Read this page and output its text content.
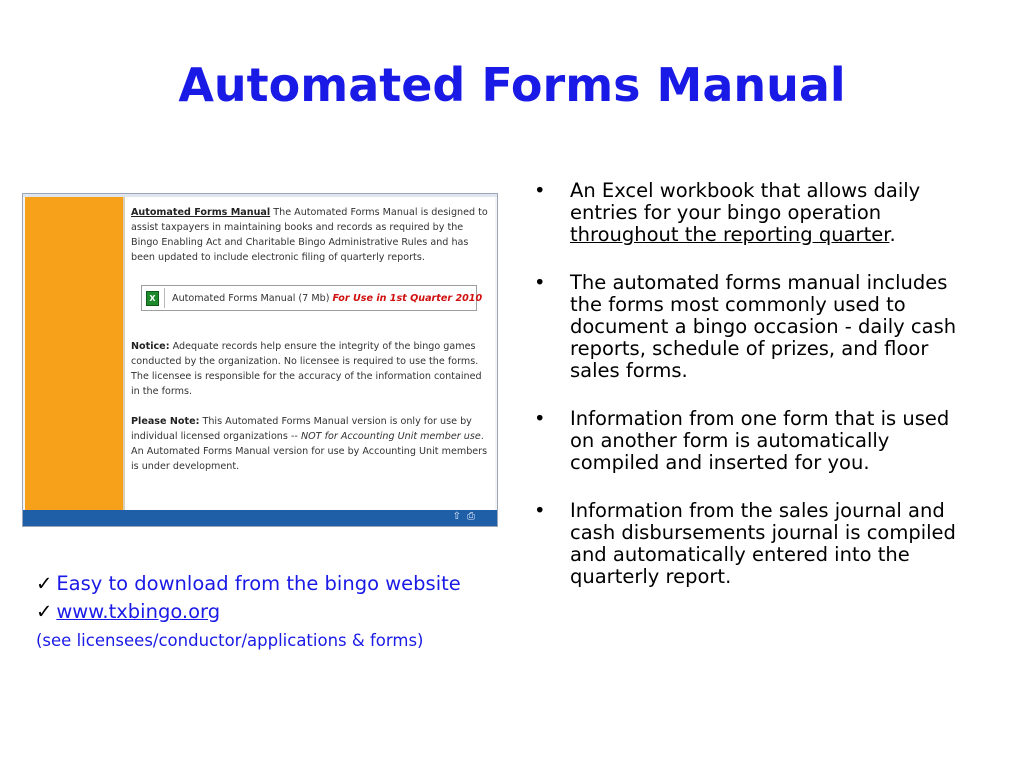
Automated Forms Manual

Automated Forms Manual The Automated Forms Manual is designed to assist taxpayers in maintaining books and records as required by the Bingo Enabling Act and Charitable Bingo Administrative Rules and has been updated to include electronic filing of quarterly reports.

X	Automated Forms Manual (7 Mb) For Use in 1st Quarter 2010

Notice: Adequate records help ensure the integrity of the bingo games conducted by the organization. No licensee is required to use the forms. The licensee is responsible for the accuracy of the information contained in the forms.

Please Note: This Automated Forms Manual version is only for use by individual licensed organizations -- NOT for Accounting Unit member use. An Automated Forms Manual version for use by Accounting Unit members is under development.

⇧⎙
• An Excel workbook that allows daily entries for your bingo operation throughout the reporting quarter.
• The automated forms manual includes the forms most commonly used to document a bingo occasion - daily cash reports, schedule of prizes, and floor sales forms.
• Information from one form that is used on another form is automatically compiled and inserted for you.
• Information from the sales journal and cash disbursements journal is compiled and automatically entered into the quarterly report.
✓ Easy to download from the bingo website
✓ www.txbingo.org
(see licensees/conductor/applications & forms)
